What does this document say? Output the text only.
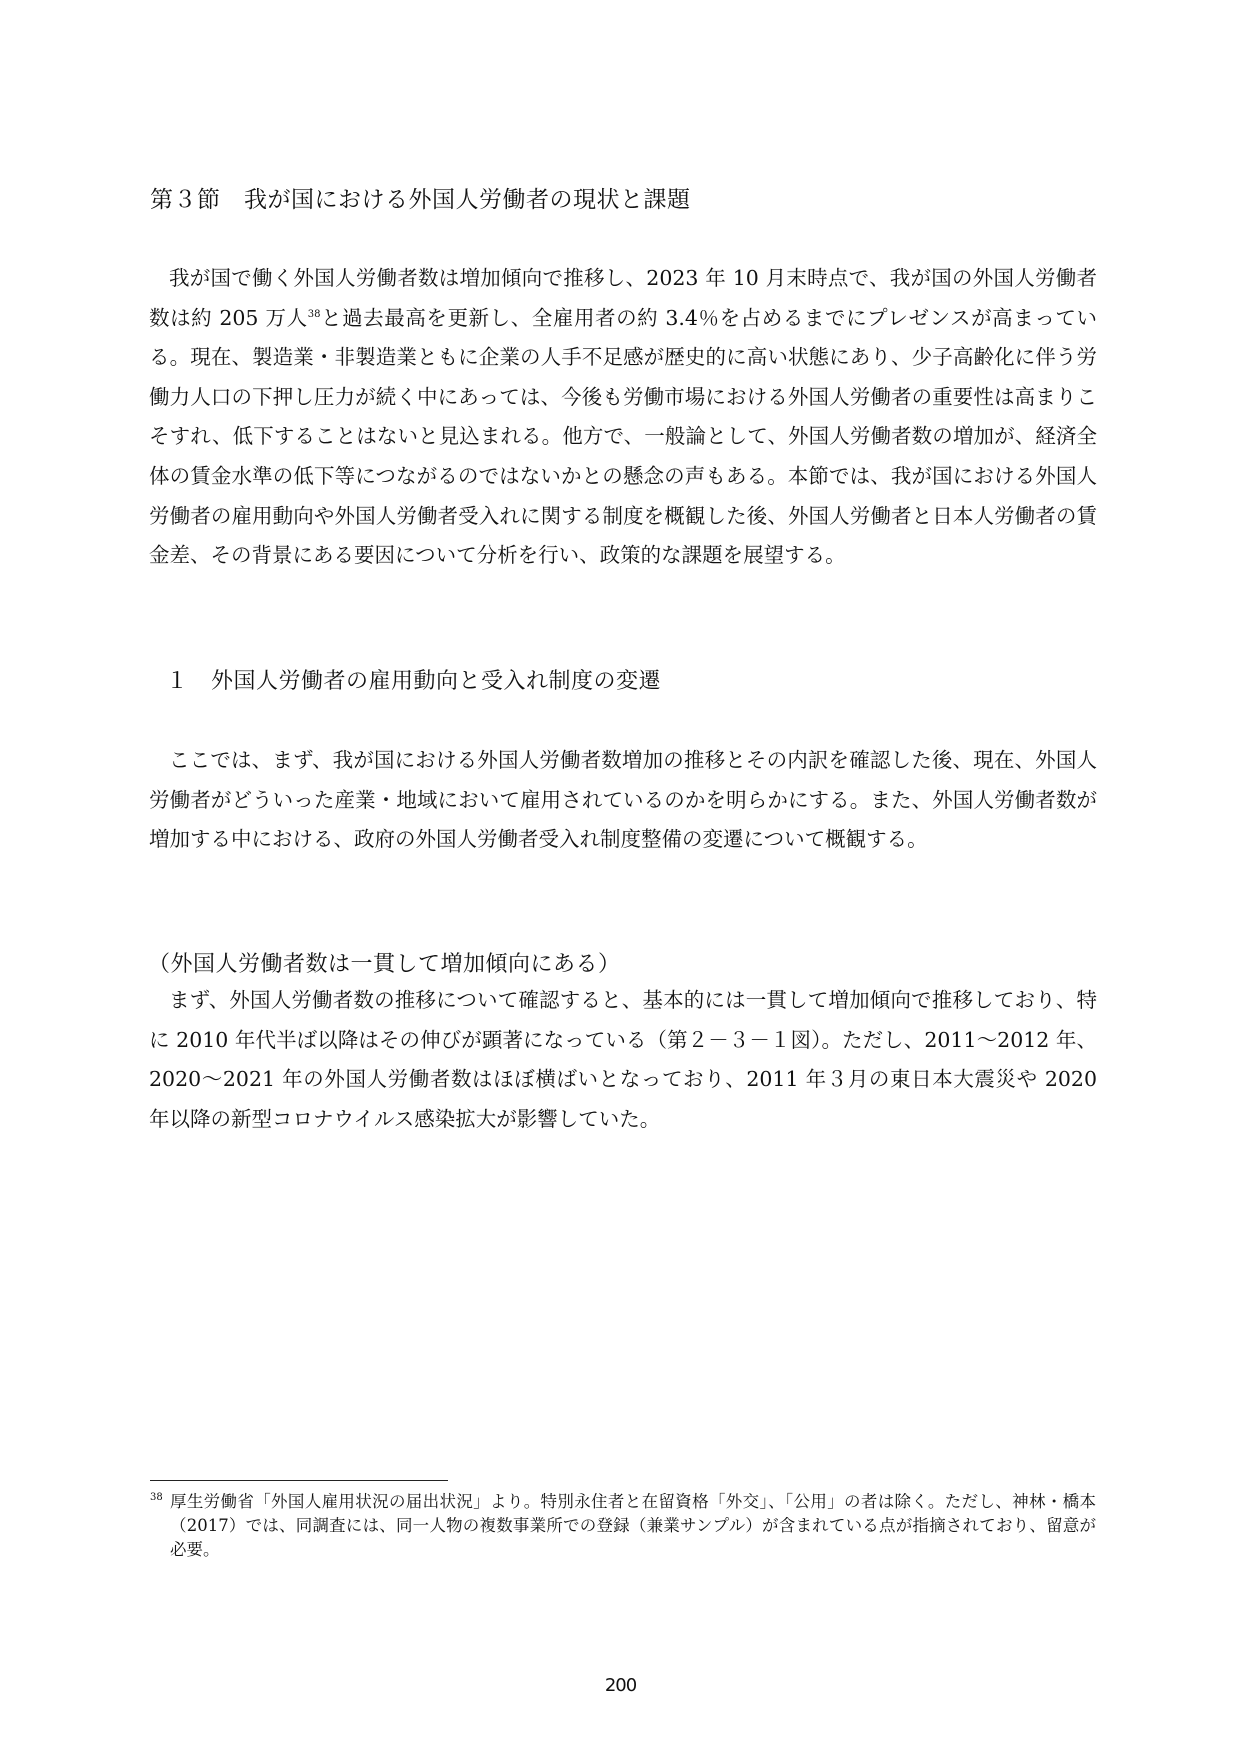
第３節　我が国における外国人労働者の現状と課題

我が国で働く外国人労働者数は増加傾向で推移し、2023 年 10 月末時点で、我が国の外国人労働者数は約 205 万人$^{38}$と過去最高を更新し、全雇用者の約 3.4％を占めるまでにプレゼンスが高まっている。現在、製造業・非製造業ともに企業の人手不足感が歴史的に高い状態にあり、少子高齢化に伴う労働力人口の下押し圧力が続く中にあっては、今後も労働市場における外国人労働者の重要性は高まりこそすれ、低下することはないと見込まれる。他方で、一般論として、外国人労働者数の増加が、経済全体の賃金水準の低下等につながるのではないかとの懸念の声もある。本節では、我が国における外国人労働者の雇用動向や外国人労働者受入れに関する制度を概観した後、外国人労働者と日本人労働者の賃金差、その背景にある要因について分析を行い、政策的な課題を展望する。

１　外国人労働者の雇用動向と受入れ制度の変遷

ここでは、まず、我が国における外国人労働者数増加の推移とその内訳を確認した後、現在、外国人労働者がどういった産業・地域において雇用されているのかを明らかにする。また、外国人労働者数が増加する中における、政府の外国人労働者受入れ制度整備の変遷について概観する。

（外国人労働者数は一貫して増加傾向にある）

まず、外国人労働者数の推移について確認すると、基本的には一貫して増加傾向で推移しており、特に 2010 年代半ば以降はその伸びが顕著になっている（第２－３－１図）。ただし、2011～2012 年、2020～2021 年の外国人労働者数はほぼ横ばいとなっており、2011 年３月の東日本大震災や 2020 年以降の新型コロナウイルス感染拡大が影響していた。

38 厚生労働省「外国人雇用状況の届出状況」より。特別永住者と在留資格「外交」、「公用」の者は除く。ただし、神林・橋本（2017）では、同調査には、同一人物の複数事業所での登録（兼業サンプル）が含まれている点が指摘されており、留意が必要。
200
